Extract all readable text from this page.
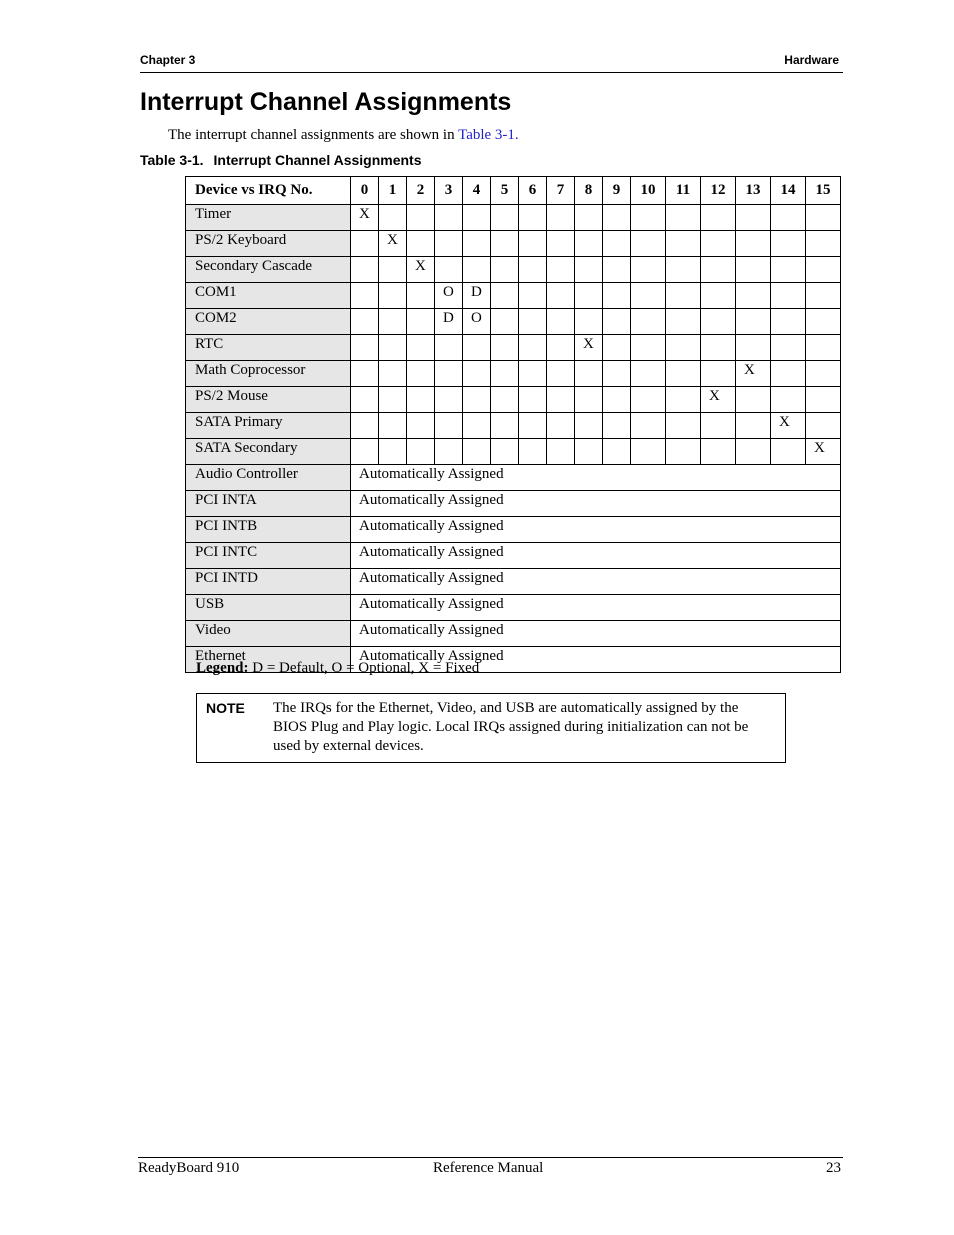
Chapter 3	Hardware
Interrupt Channel Assignments
The interrupt channel assignments are shown in Table 3-1.
Table 3-1. Interrupt Channel Assignments
Device vs IRQ No.	0	1	2	3	4	5	6	7	8	9	10	11	12	13	14	15
Timer	X															
PS/2 Keyboard		X														
Secondary Cascade			X													
COM1				O	D											
COM2				D	O											
RTC									X							
Math Coprocessor														X		
PS/2 Mouse													X			
SATA Primary															X	
SATA Secondary																X
Audio Controller	Automatically Assigned															
PCI INTA	Automatically Assigned															
PCI INTB	Automatically Assigned															
PCI INTC	Automatically Assigned															
PCI INTD	Automatically Assigned															
USB	Automatically Assigned															
Video	Automatically Assigned															
Ethernet	Automatically Assigned															
Legend: D = Default, O = Optional, X = Fixed
NOTE The IRQs for the Ethernet, Video, and USB are automatically assigned by the BIOS Plug and Play logic. Local IRQs assigned during initialization can not be used by external devices.
ReadyBoard 910	Reference Manual	23
